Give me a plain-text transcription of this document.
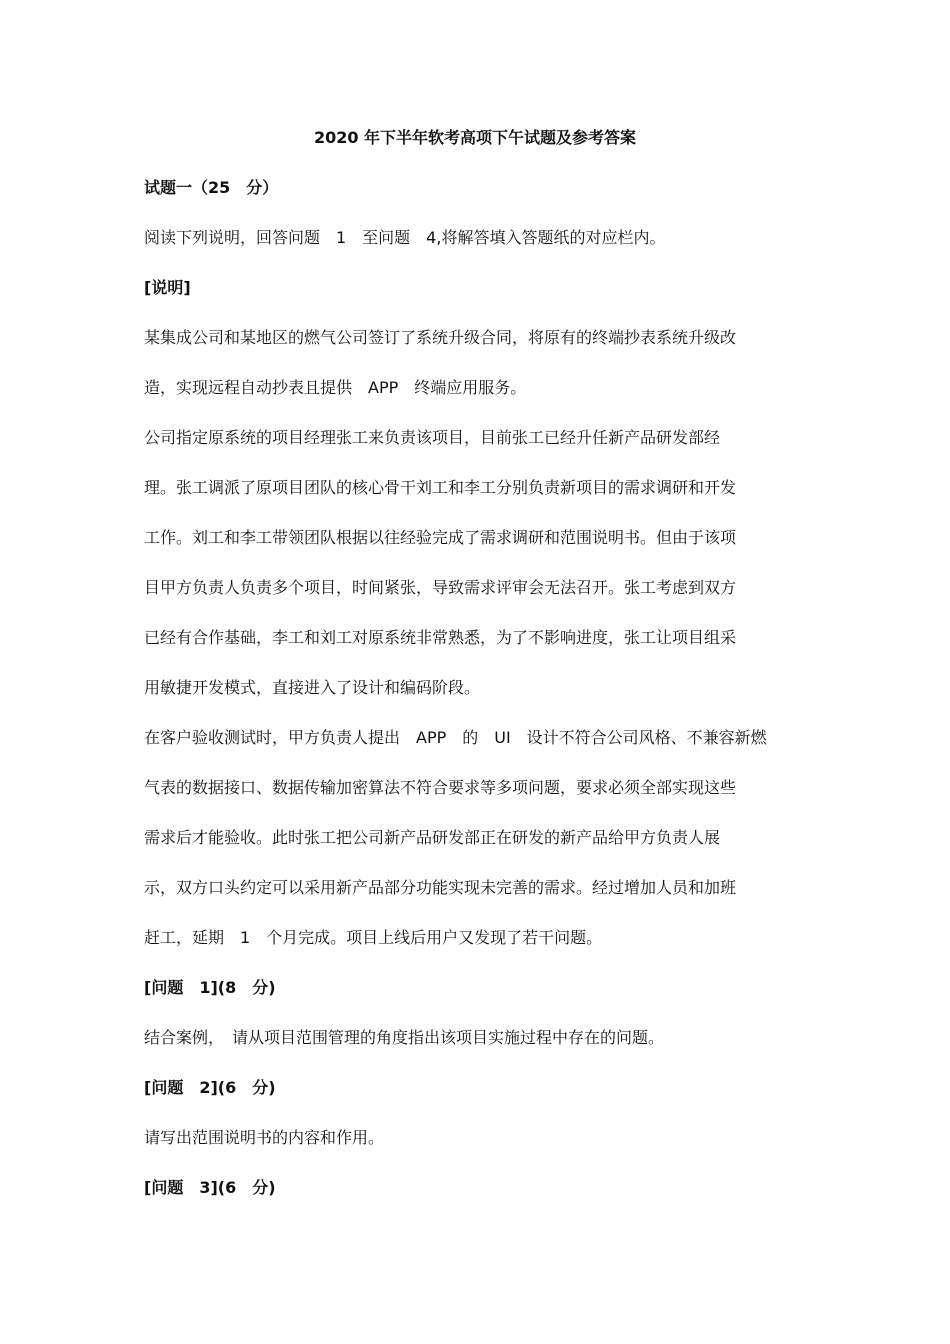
2020 年下半年软考高项下午试题及参考答案
试题一（25　分）
阅读下列说明，回答问题　1　至问题　4,将解答填入答题纸的对应栏内。
[说明]
某集成公司和某地区的燃气公司签订了系统升级合同，将原有的终端抄表系统升级改
造，实现远程自动抄表且提供　APP　终端应用服务。
公司指定原系统的项目经理张工来负责该项目，目前张工已经升任新产品研发部经
理。张工调派了原项目团队的核心骨干刘工和李工分别负责新项目的需求调研和开发
工作。刘工和李工带领团队根据以往经验完成了需求调研和范围说明书。但由于该项
目甲方负责人负责多个项目，时间紧张，导致需求评审会无法召开。张工考虑到双方
已经有合作基础，李工和刘工对原系统非常熟悉，为了不影响进度，张工让项目组采
用敏捷开发模式，直接进入了设计和编码阶段。
在客户验收测试时，甲方负责人提出　APP　的　UI　设计不符合公司风格、不兼容新燃
气表的数据接口、数据传输加密算法不符合要求等多项问题，要求必须全部实现这些
需求后才能验收。此时张工把公司新产品研发部正在研发的新产品给甲方负责人展
示，双方口头约定可以采用新产品部分功能实现未完善的需求。经过增加人员和加班
赶工，延期　1　个月完成。项目上线后用户又发现了若干问题。
[问题　1](8　分)
结合案例，　请从项目范围管理的角度指出该项目实施过程中存在的问题。
[问题　2](6　分)
请写出范围说明书的内容和作用。
[问题　3](6　分)
